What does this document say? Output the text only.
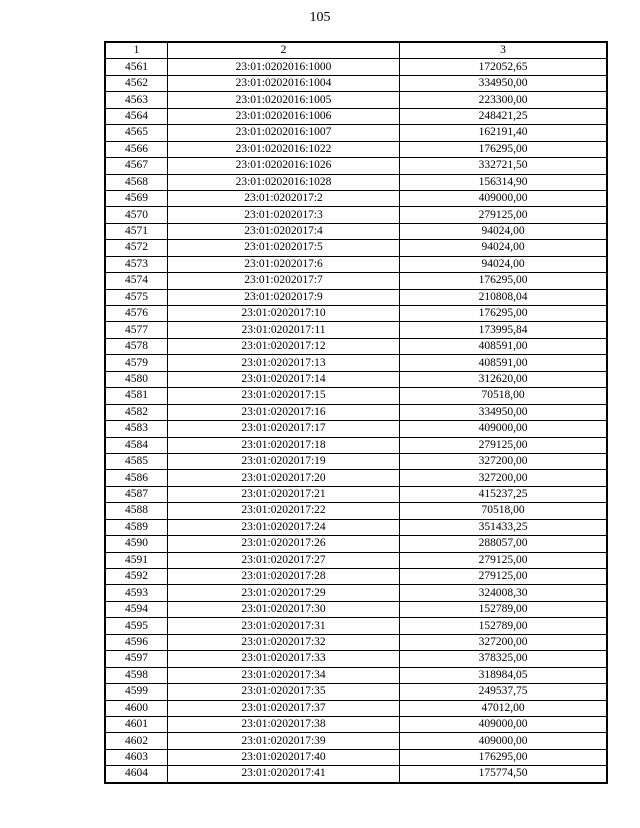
105
1	2	3
4561	23:01:0202016:1000	172052,65
4562	23:01:0202016:1004	334950,00
4563	23:01:0202016:1005	223300,00
4564	23:01:0202016:1006	248421,25
4565	23:01:0202016:1007	162191,40
4566	23:01:0202016:1022	176295,00
4567	23:01:0202016:1026	332721,50
4568	23:01:0202016:1028	156314,90
4569	23:01:0202017:2	409000,00
4570	23:01:0202017:3	279125,00
4571	23:01:0202017:4	94024,00
4572	23:01:0202017:5	94024,00
4573	23:01:0202017:6	94024,00
4574	23:01:0202017:7	176295,00
4575	23:01:0202017:9	210808,04
4576	23:01:0202017:10	176295,00
4577	23:01:0202017:11	173995,84
4578	23:01:0202017:12	408591,00
4579	23:01:0202017:13	408591,00
4580	23:01:0202017:14	312620,00
4581	23:01:0202017:15	70518,00
4582	23:01:0202017:16	334950,00
4583	23:01:0202017:17	409000,00
4584	23:01:0202017:18	279125,00
4585	23:01:0202017:19	327200,00
4586	23:01:0202017:20	327200,00
4587	23:01:0202017:21	415237,25
4588	23:01:0202017:22	70518,00
4589	23:01:0202017:24	351433,25
4590	23:01:0202017:26	288057,00
4591	23:01:0202017:27	279125,00
4592	23:01:0202017:28	279125,00
4593	23:01:0202017:29	324008,30
4594	23:01:0202017:30	152789,00
4595	23:01:0202017:31	152789,00
4596	23:01:0202017:32	327200,00
4597	23:01:0202017:33	378325,00
4598	23:01:0202017:34	318984,05
4599	23:01:0202017:35	249537,75
4600	23:01:0202017:37	47012,00
4601	23:01:0202017:38	409000,00
4602	23:01:0202017:39	409000,00
4603	23:01:0202017:40	176295,00
4604	23:01:0202017:41	175774,50
